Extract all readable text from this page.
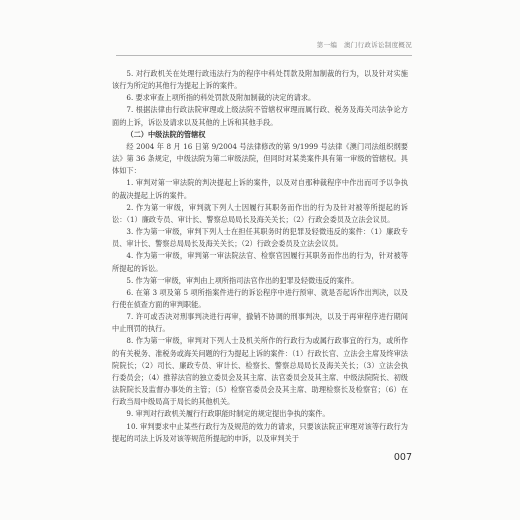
第一编　澳门行政诉讼制度概况

5. 对行政机关在处理行政违法行为的程序中科处罚款及附加制裁的行为，以及针对实施该行为所定的其他行为提起上诉的案件。

6. 要求审查上项所指的科处罚款及附加制裁的决定的请求。

7. 根据法律由行政法院审理或上级法院不管辖权审理而属行政、税务及海关司法争论方面的上诉，诉讼及请求以及其他的上诉和其他手段。

（二）中级法院的管辖权

经 2004 年 8 月 16 日第 9/2004 号法律修改的第 9/1999 号法律《澳门司法组织纲要法》第 36 条规定，中级法院为第二审级法院，但同时对某类案件具有第一审级的管辖权。具体如下：

1. 审判对第一审法院的判决提起上诉的案件，以及对自那种裁程序中作出而可予以争执的裁决提起上诉的案件。

2. 作为第一审级，审判就下列人士因履行其职务而作出的行为及针对被等所提起的诉讼：（1）廉政专员、审计长、警察总局局长及海关关长；（2）行政会委员及立法会议员。

3. 作为第一审级，审判下列人士在担任其职务时的犯罪及轻微违反的案件：（1）廉政专员、审计长、警察总局局长及海关关长；（2）行政会委员及立法会议员。

4. 作为第一审级，审判第一审法院法官、检察官因履行其职务而作出的行为，针对被等所提起的诉讼。

5. 作为第一审级，审判由上项所指司法官作出的犯罪及轻微违反的案件。

6. 在第 3 项及第 5 项所指案件进行的诉讼程序中进行预审、就是否起诉作出判决，以及行使在侦查方面的审判职能。

7. 许可或否决对刑事判决进行再审，撤销不协调的刑事判决，以及于再审程序进行期间中止刑罚的执行。

8. 作为第一审级，审判对下列人士及机关所作的行政行为或属行政事宜的行为，或所作的有关税务、准税务或海关问题的行为提起上诉的案件：（1）行政长官、立法会主席及终审法院院长；（2）司长、廉政专员、审计长、检察长、警察总局局长及海关关长；（3）立法会执行委员会；（4）推荐法官的独立委员会及其主席、法官委员会及其主席、中级法院院长、初级法院院长及监督办事处的主管；（5）检察官委员会及其主席、助理检察长及检察官；（6）在行政当局中级局高于局长的其他机关。

9. 审判对行政机关履行行政职能时制定的规定提出争执的案件。

10. 审判要求中止某些行政行为及规范的效力的请求，只要该法院正审理对该等行政行为提起的司法上诉及对该等规范所提起的申诉，以及审判关于

007
